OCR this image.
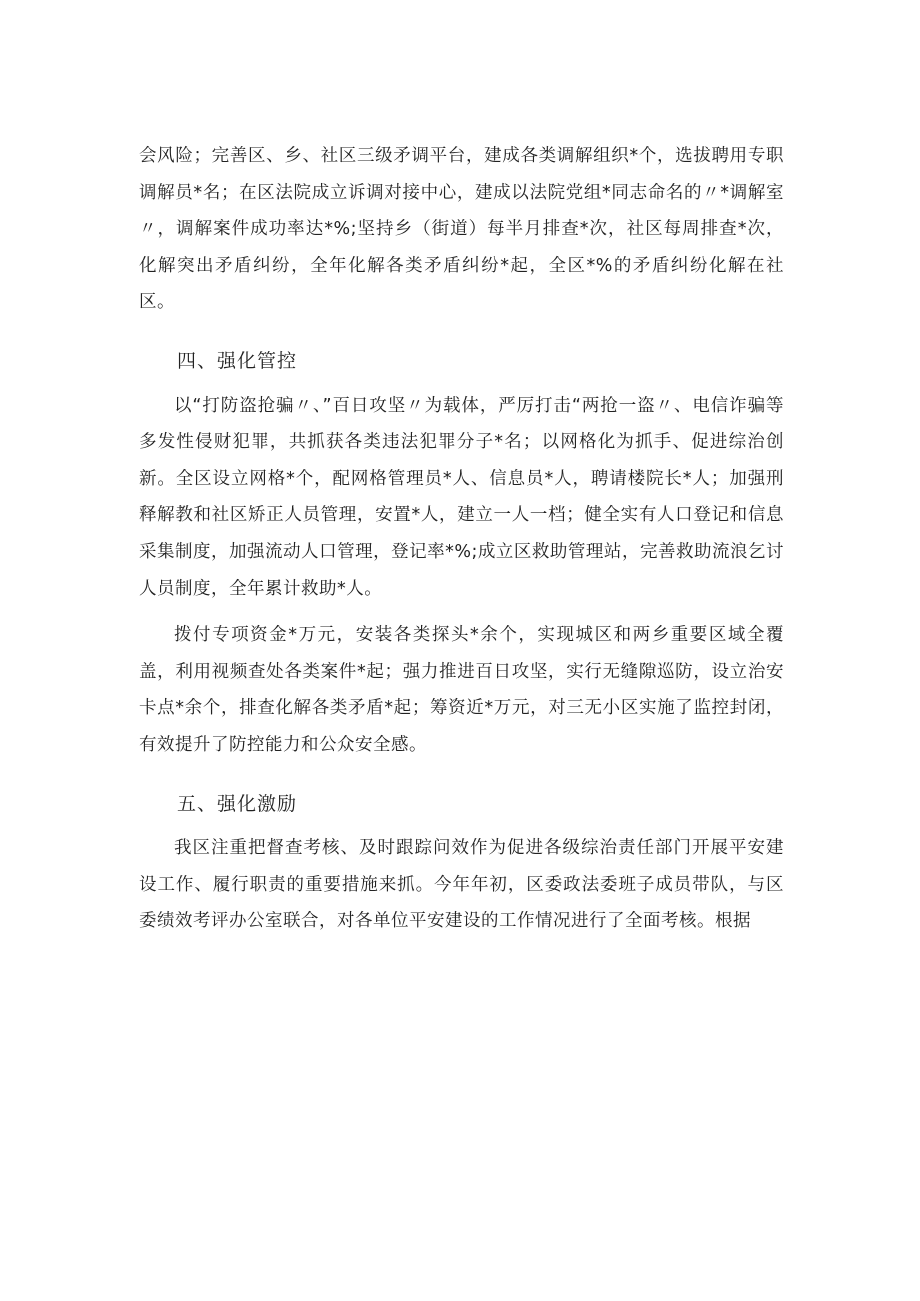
会风险；完善区、乡、社区三级矛调平台，建成各类调解组织*个，选拔聘用专职调解员*名；在区法院成立诉调对接中心，建成以法院党组*同志命名的〃*调解室〃，调解案件成功率达*%;坚持乡（街道）每半月排查*次，社区每周排查*次，化解突出矛盾纠纷，全年化解各类矛盾纠纷*起，全区*%的矛盾纠纷化解在社区。

四、强化管控

以“打防盗抢骗〃、”百日攻坚〃为载体，严厉打击“两抢一盗〃、电信诈骗等多发性侵财犯罪，共抓获各类违法犯罪分子*名；以网格化为抓手、促进综治创新。全区设立网格*个，配网格管理员*人、信息员*人，聘请楼院长*人；加强刑释解教和社区矫正人员管理，安置*人，建立一人一档；健全实有人口登记和信息采集制度，加强流动人口管理，登记率*%;成立区救助管理站，完善救助流浪乞讨人员制度，全年累计救助*人。

拨付专项资金*万元，安装各类探头*余个，实现城区和两乡重要区域全覆盖，利用视频查处各类案件*起；强力推进百日攻坚，实行无缝隙巡防，设立治安卡点*余个，排查化解各类矛盾*起；筹资近*万元，对三无小区实施了监控封闭，有效提升了防控能力和公众安全感。

五、强化激励

我区注重把督查考核、及时跟踪问效作为促进各级综治责任部门开展平安建设工作、履行职责的重要措施来抓。今年年初，区委政法委班子成员带队，与区委绩效考评办公室联合，对各单位平安建设的工作情况进行了全面考核。根据
